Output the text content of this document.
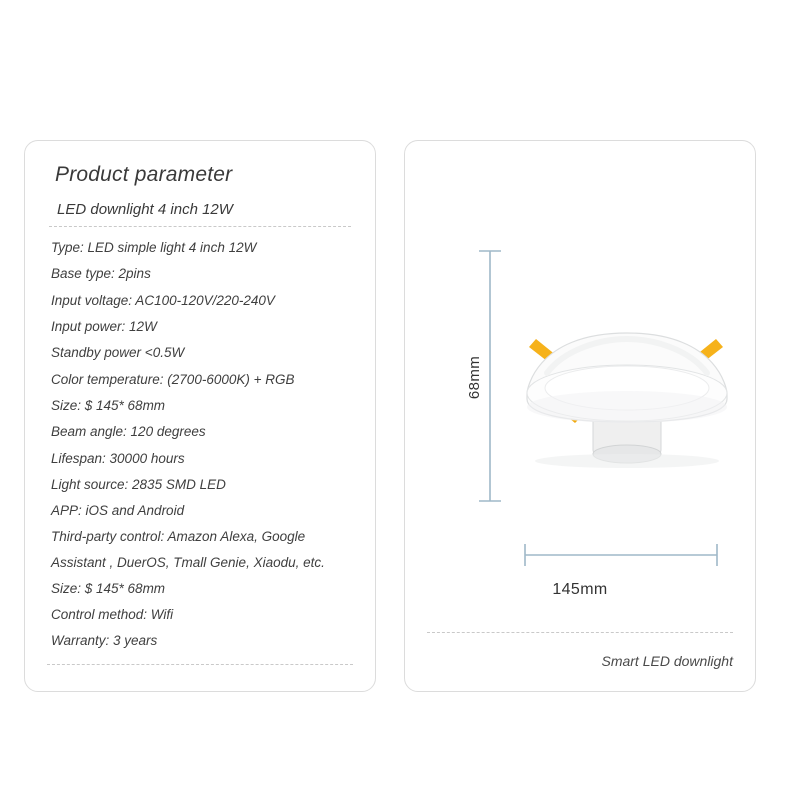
Product parameter
LED downlight 4 inch 12W
Type: LED simple light 4 inch 12W
Base type: 2pins
Input voltage: AC100-120V/220-240V
Input power: 12W
Standby power <0.5W
Color temperature: (2700-6000K) + RGB
Size: $ 145* 68mm
Beam angle: 120 degrees
Lifespan: 30000 hours
Light source: 2835 SMD LED
APP: iOS and Android
Third-party control: Amazon Alexa, Google Assistant , DuerOS, Tmall Genie, Xiaodu, etc.
Size: $ 145* 68mm
Control method: Wifi
Warranty: 3 years
68mm
145mm
Smart LED downlight
